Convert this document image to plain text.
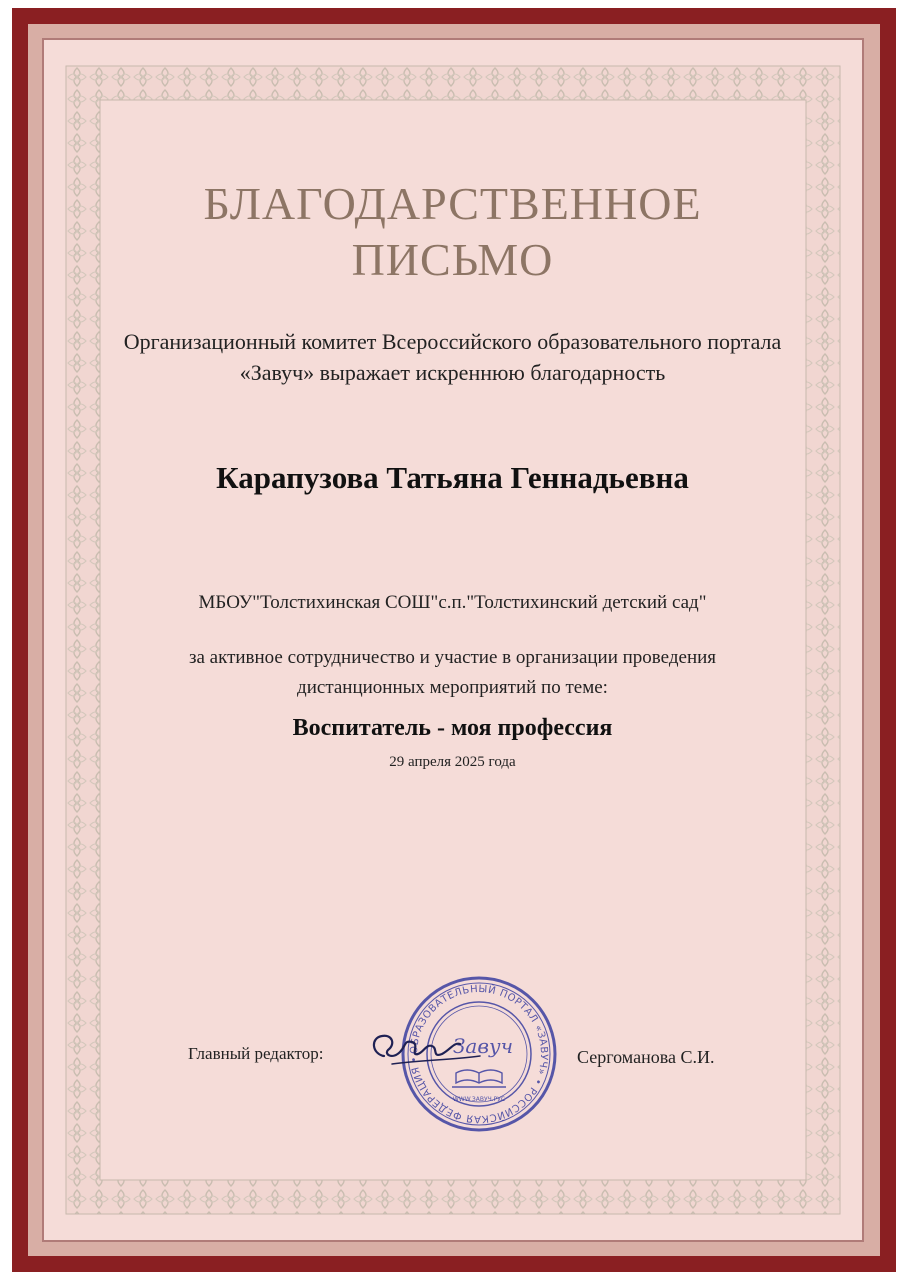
БЛАГОДАРСТВЕННОЕ
ПИСЬМО
Организационный комитет Всероссийского образовательного портала «Завуч» выражает искреннюю благодарность
Карапузова Татьяна Геннадьевна
МБОУ"Толстихинская СОШ"с.п."Толстихинский детский сад"
за активное сотрудничество и участие в организации проведения
дистанционных мероприятий по теме:
Воспитатель - моя профессия
29 апреля 2025 года
Главный редактор:	Сергоманова С.И.
ОБРАЗОВАТЕЛЬНЫЙ ПОРТАЛ «ЗАВУЧ» • РОССИЙСКАЯ ФЕДЕРАЦИЯ •
Завуч
WWW.ЗАВУЧ.РУС
